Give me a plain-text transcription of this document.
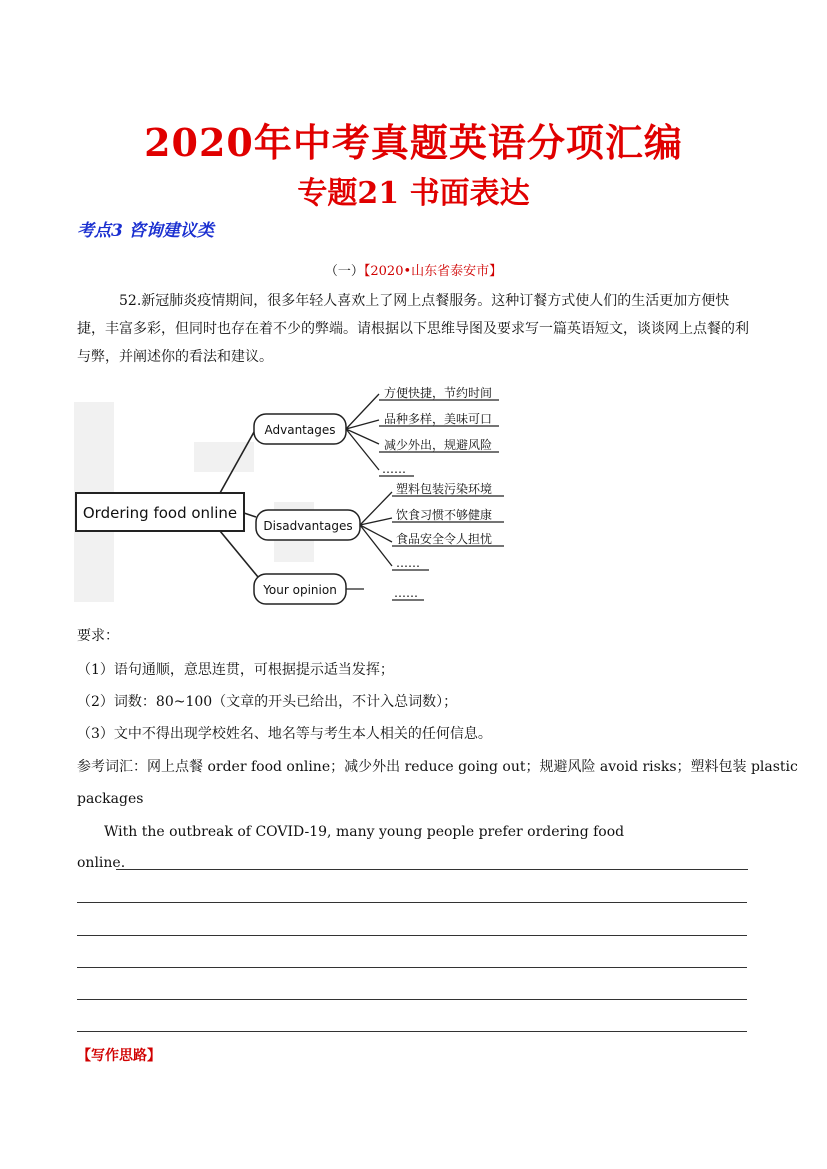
2020年中考真题英语分项汇编
专题21 书面表达
考点3 咨询建议类
（一）【2020•山东省泰安市】
52.新冠肺炎疫情期间，很多年轻人喜欢上了网上点餐服务。这种订餐方式使人们的生活更加方便快捷，丰富多彩，但同时也存在着不少的弊端。请根据以下思维导图及要求写一篇英语短文，谈谈网上点餐的利与弊，并阐述你的看法和建议。
Ordering food online
Advantages
方便快捷，节约时间
品种多样，美味可口
减少外出，规避风险
……
Disadvantages
塑料包装污染环境
饮食习惯不够健康
食品安全令人担忧
……
Your opinion	……
要求：
（1）语句通顺，意思连贯，可根据提示适当发挥；
（2）词数：80~100（文章的开头已给出，不计入总词数）；
（3）文中不得出现学校姓名、地名等与考生本人相关的任何信息。
参考词汇：网上点餐 order food online；减少外出 reduce going out；规避风险 avoid risks；塑料包装 plastic
packages
With the outbreak of COVID-19, many young people prefer ordering food
online.
【写作思路】
